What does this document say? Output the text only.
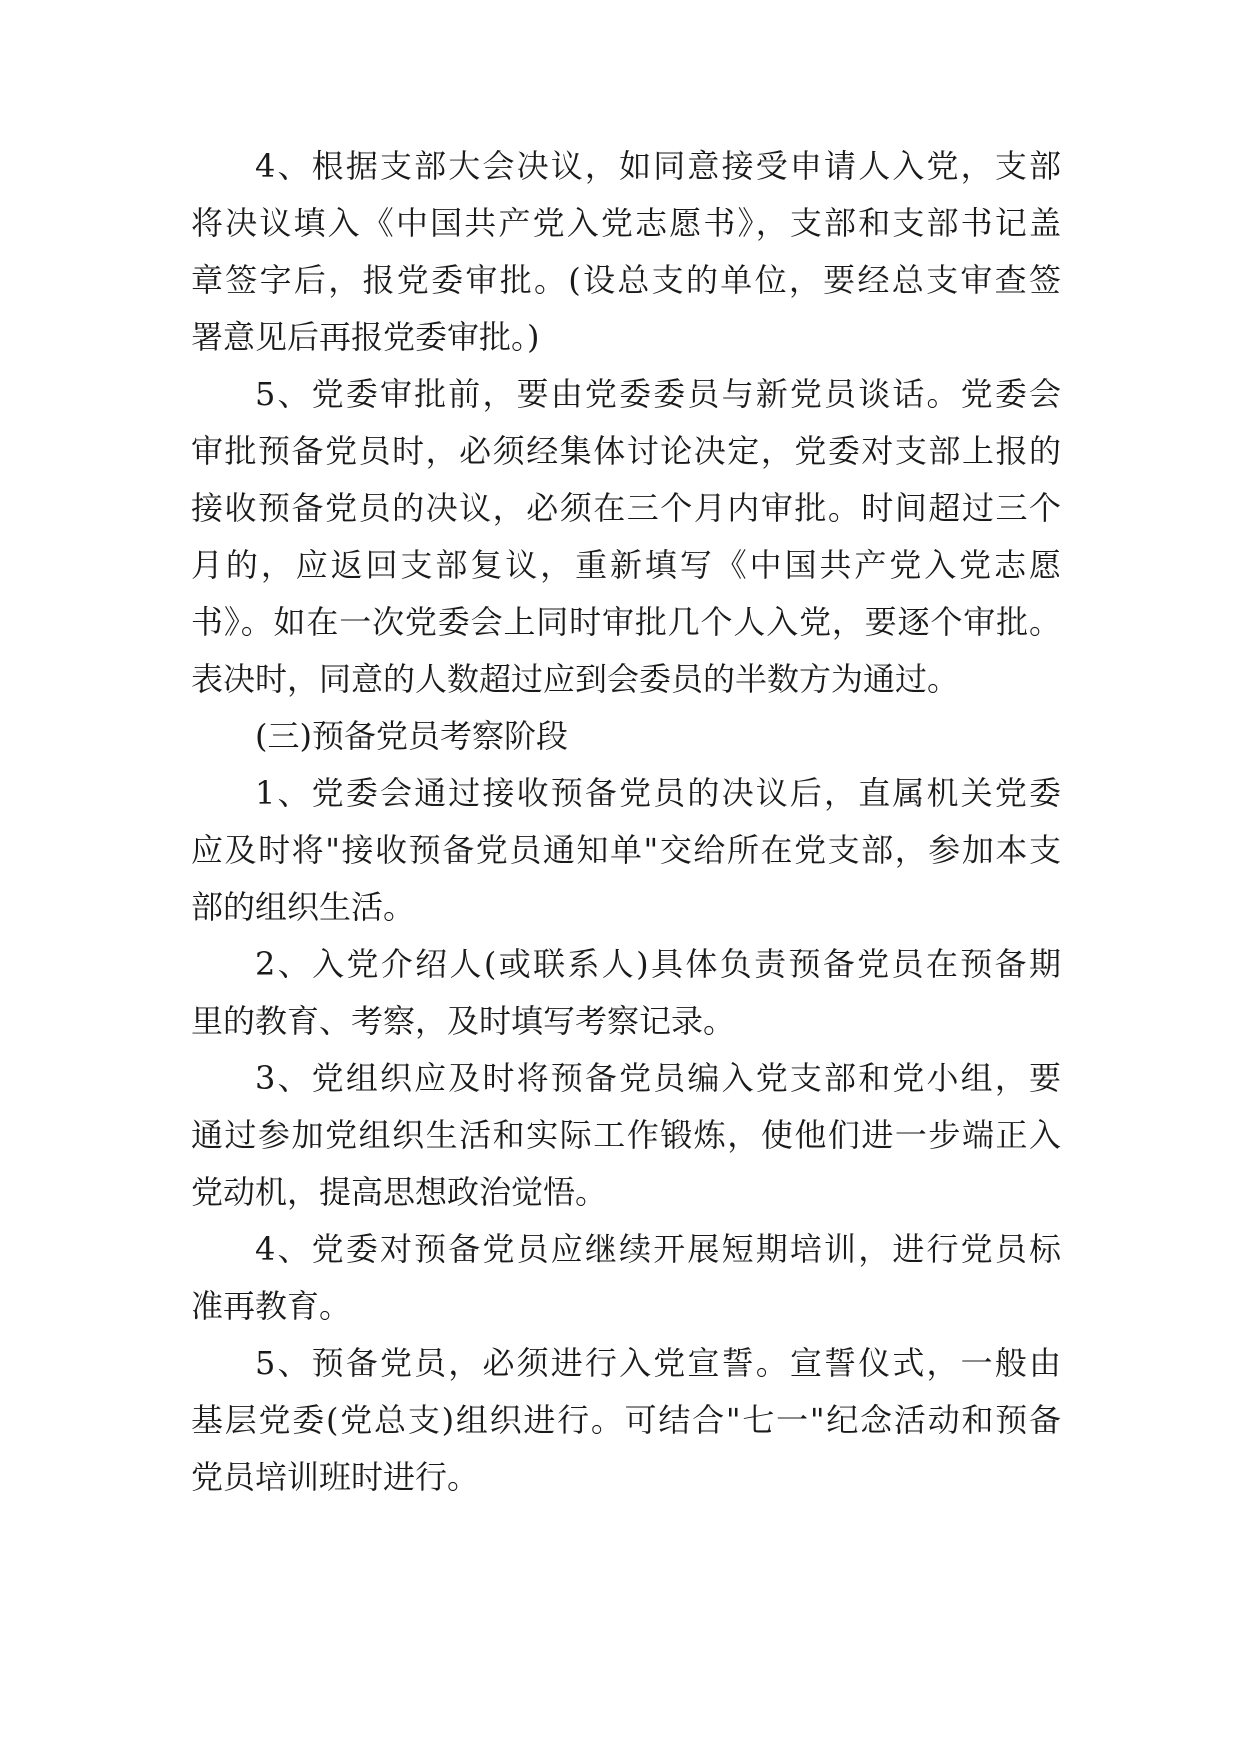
4、根据支部大会决议，如同意接受申请人入党，支部
将决议填入《中国共产党入党志愿书》，支部和支部书记盖
章签字后，报党委审批。(设总支的单位，要经总支审查签
署意见后再报党委审批。)
5、党委审批前，要由党委委员与新党员谈话。党委会
审批预备党员时，必须经集体讨论决定，党委对支部上报的
接收预备党员的决议，必须在三个月内审批。时间超过三个
月的，应返回支部复议，重新填写《中国共产党入党志愿
书》。如在一次党委会上同时审批几个人入党，要逐个审批。
表决时，同意的人数超过应到会委员的半数方为通过。
(三)预备党员考察阶段
1、党委会通过接收预备党员的决议后，直属机关党委
应及时将"接收预备党员通知单"交给所在党支部，参加本支
部的组织生活。
2、入党介绍人(或联系人)具体负责预备党员在预备期
里的教育、考察，及时填写考察记录。
3、党组织应及时将预备党员编入党支部和党小组，要
通过参加党组织生活和实际工作锻炼，使他们进一步端正入
党动机，提高思想政治觉悟。
4、党委对预备党员应继续开展短期培训，进行党员标
准再教育。
5、预备党员，必须进行入党宣誓。宣誓仪式，一般由
基层党委(党总支)组织进行。可结合"七一"纪念活动和预备
党员培训班时进行。
